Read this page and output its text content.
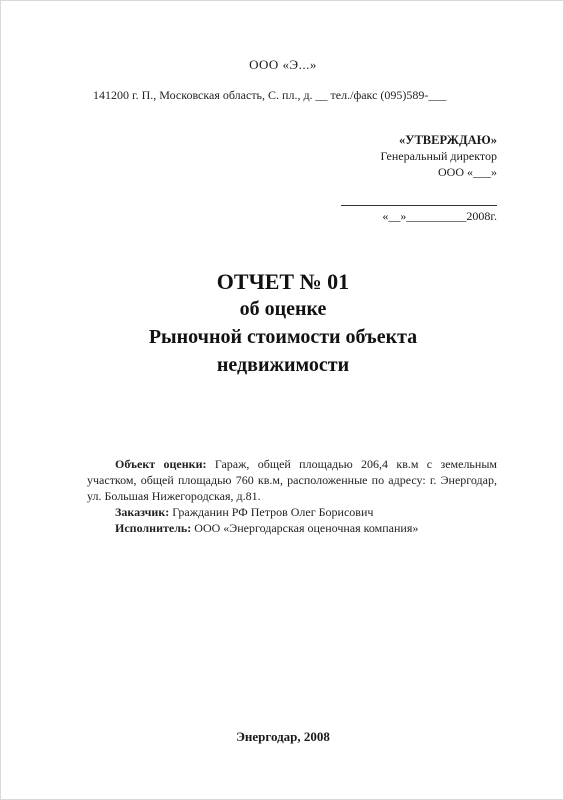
ООО «Э...»
141200 г. П., Московская область, С. пл., д. __ тел./факс (095)589-___
«УТВЕРЖДАЮ»
Генеральный директор
ООО «___»
«__»__________2008г.
ОТЧЕТ № 01
об оценке
Рыночной стоимости объекта
недвижимости

Объект оценки: Гараж, общей площадью 206,4 кв.м с земельным участком, общей площадью 760 кв.м, расположенные по адресу: г. Энергодар, ул. Большая Нижегородская, д.81.

Заказчик: Гражданин РФ Петров Олег Борисович

Исполнитель: ООО «Энергодарская оценочная компания»

Энергодар, 2008
